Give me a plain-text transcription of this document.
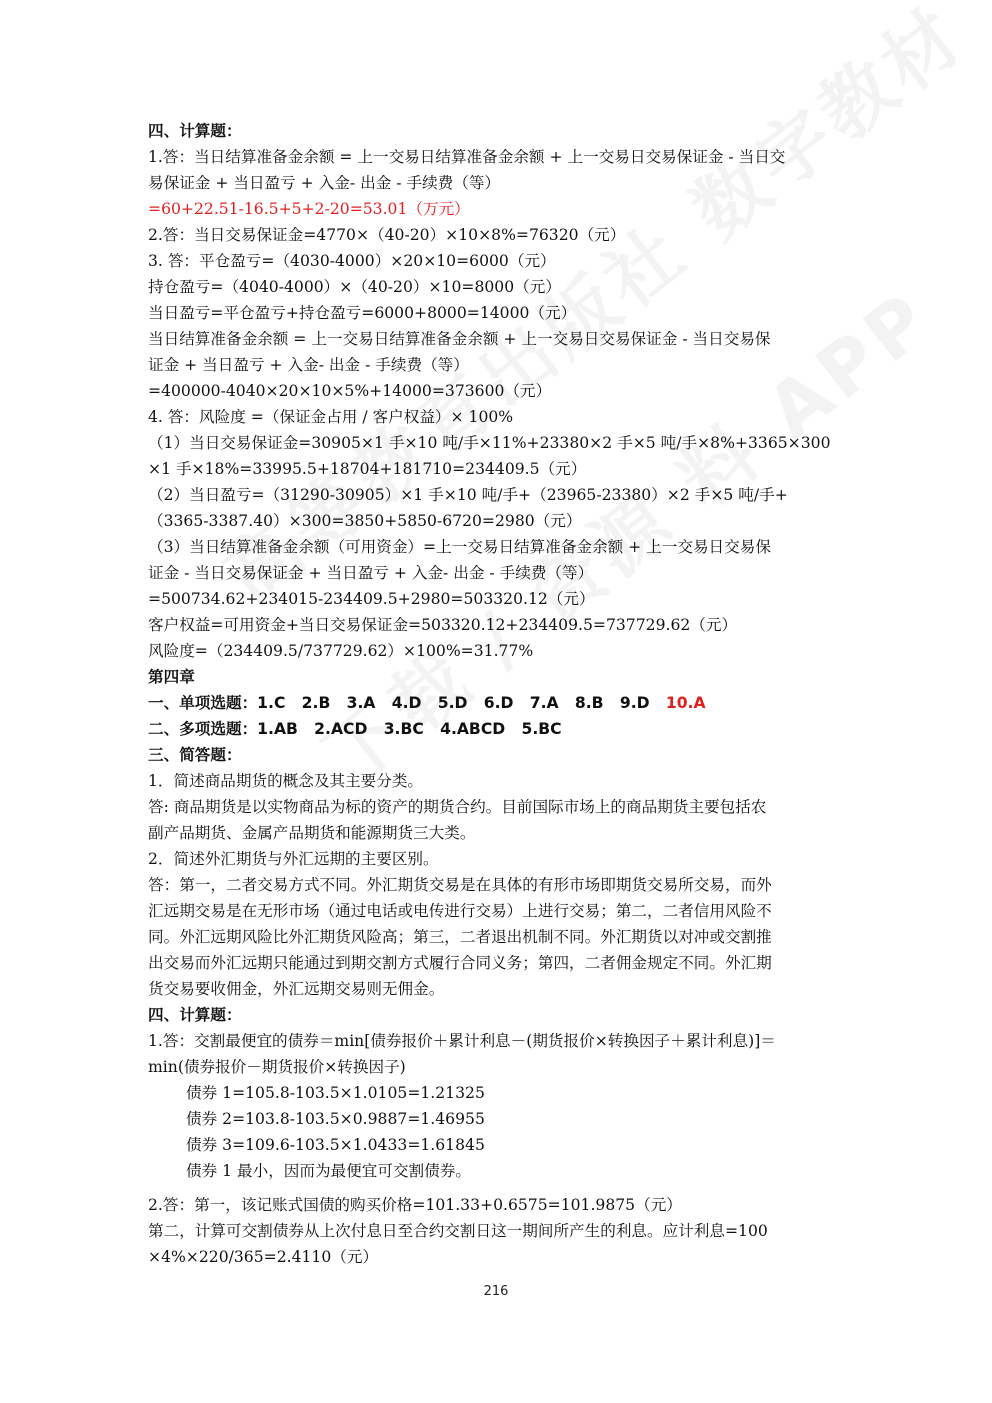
四、计算题：
1.答：当日结算准备金余额 = 上一交易日结算准备金余额 + 上一交易日交易保证金 - 当日交
易保证金 + 当日盈亏 + 入金- 出金 - 手续费（等）
=60+22.51-16.5+5+2-20=53.01（万元）
2.答：当日交易保证金=4770×（40-20）×10×8%=76320（元）
3. 答：平仓盈亏=（4030-4000）×20×10=6000（元）
持仓盈亏=（4040-4000）×（40-20）×10=8000（元）
当日盈亏=平仓盈亏+持仓盈亏=6000+8000=14000（元）
当日结算准备金余额 = 上一交易日结算准备金余额 + 上一交易日交易保证金 - 当日交易保
证金 + 当日盈亏 + 入金- 出金 - 手续费（等）
=400000-4040×20×10×5%+14000=373600（元）
4. 答：风险度 =（保证金占用 / 客户权益）× 100%
（1）当日交易保证金=30905×1 手×10 吨/手×11%+23380×2 手×5 吨/手×8%+3365×300
×1 手×18%=33995.5+18704+181710=234409.5（元）
（2）当日盈亏=（31290-30905）×1 手×10 吨/手+（23965-23380）×2 手×5 吨/手+
（3365-3387.40）×300=3850+5850-6720=2980（元）
（3）当日结算准备金余额（可用资金）=上一交易日结算准备金余额 + 上一交易日交易保
证金 - 当日交易保证金 + 当日盈亏 + 入金- 出金 - 手续费（等）
=500734.62+234015-234409.5+2980=503320.12（元）
客户权益=可用资金+当日交易保证金=503320.12+234409.5=737729.62（元）
风险度=（234409.5/737729.62）×100%=31.77%
第四章
一、单项选题：1.C   2.B   3.A   4.D   5.D   6.D   7.A   8.B   9.D   10.A
二、多项选题：1.AB   2.ACD   3.BC   4.ABCD   5.BC
三、简答题：
1．简述商品期货的概念及其主要分类。
答: 商品期货是以实物商品为标的资产的期货合约。目前国际市场上的商品期货主要包括农
副产品期货、金属产品期货和能源期货三大类。
2．简述外汇期货与外汇远期的主要区别。
答：第一，二者交易方式不同。外汇期货交易是在具体的有形市场即期货交易所交易，而外
汇远期交易是在无形市场（通过电话或电传进行交易）上进行交易；第二，二者信用风险不
同。外汇远期风险比外汇期货风险高；第三，二者退出机制不同。外汇期货以对冲或交割推
出交易而外汇远期只能通过到期交割方式履行合同义务；第四，二者佣金规定不同。外汇期
货交易要收佣金，外汇远期交易则无佣金。
四、计算题：
1.答：交割最便宜的债券＝min[债券报价＋累计利息－(期货报价×转换因子＋累计利息)]＝
min(债券报价－期货报价×转换因子)
债券 1=105.8-103.5×1.0105=1.21325
债券 2=103.8-103.5×0.9887=1.46955
债券 3=109.6-103.5×1.0433=1.61845
债券 1 最小，因而为最便宜可交割债券。
2.答：第一，该记账式国债的购买价格=101.33+0.6575=101.9875（元）
第二，计算可交割债券从上次付息日至合约交割日这一期间所产生的利息。应计利息=100
×4%×220/365=2.4110（元）
216
